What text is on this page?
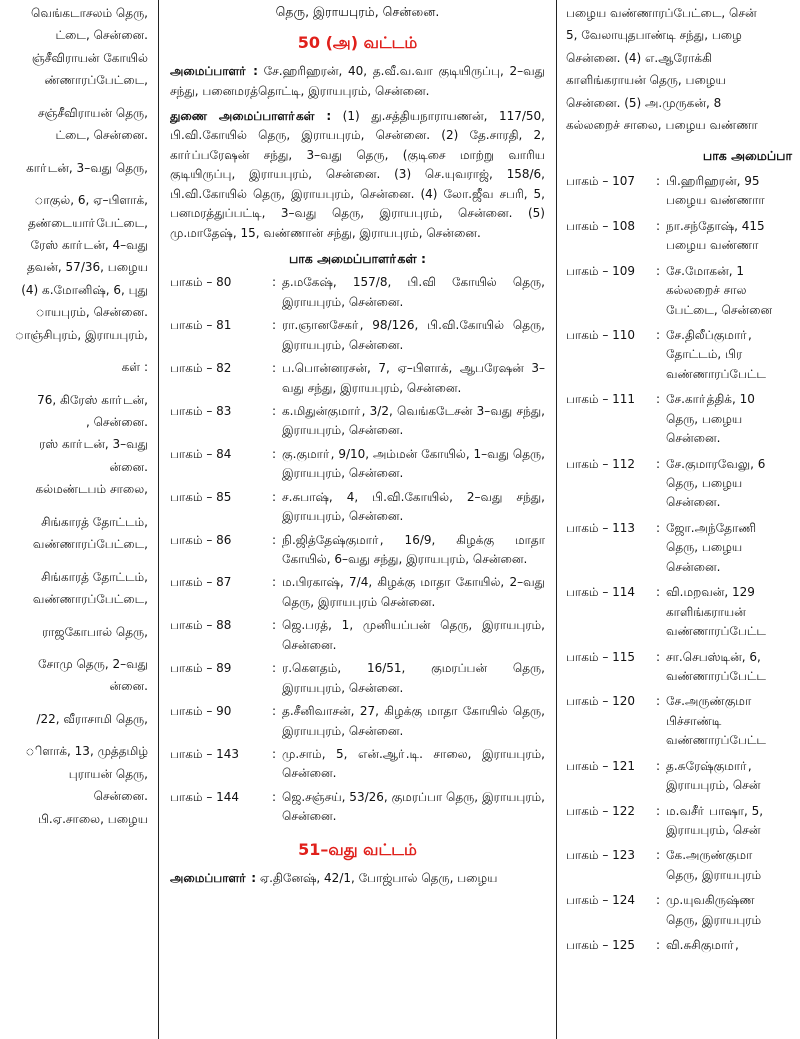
வெங்கடாசலம் தெரு,
ட்டை, சென்னை.
ஞ்சீவிராயன் கோயில்
ண்ணாரப்பேட்டை,
சஞ்சீவிராயன் தெரு,
ட்டை, சென்னை.
காா்டன், 3–வது தெரு,
ாகுல், 6, ஏ–பிளாக்,
தண்டையாா்பேட்டை,
ரேஸ் காா்டன், 4–வது
தவன், 57/36, பழைய
(4) க.மோனிஷ், 6, புது
ாயபுரம், சென்னை.
ாஞ்சிபுரம், இராயபுரம்,
கள் :
76, கிரேஸ் காா்டன்,
, சென்னை.
ரஸ் காா்டன், 3–வது
ன்னை.
கல்மண்டபம் சாலை,
சிங்காரத் தோட்டம்,
வண்ணாரப்பேட்டை,
சிங்காரத் தோட்டம்,
வண்ணாரப்பேட்டை,
ராஜகோபால் தெரு,
சோமு தெரு, 2–வது
ன்னை.
/22, வீராசாமி தெரு,
ிளாக், 13, முத்தமிழ்
புராயன் தெரு,
சென்னை.
பி.ஏ.சாலை, பழைய
தெரு, இராயபுரம், சென்னை.
50 (அ) வட்டம்

அமைப்பாளா் : சே.ஹரிஹரன், 40, த.வீ.வ.வா குடியிருப்பு, 2–வது சந்து, பனைமரத்தொட்டி, இராயபுரம், சென்னை.

துணை அமைப்பாளா்கள் : (1) து.சத்தியநாராயணன், 117/50, பி.வி.கோயில் தெரு, இராயபுரம், சென்னை. (2) தே.சாரதி, 2, காா்ப்பரேஷன் சந்து, 3–வது தெரு, (குடிசை மாற்று வாரிய குடியிருப்பு, இராயபுரம், சென்னை. (3) செ.யுவராஜ், 158/6, பி.வி.கோயில் தெரு, இராயபுரம், சென்னை. (4) லோ.ஜீவ சபரி, 5, பனமரத்துப்பட்டி, 3–வது தெரு, இராயபுரம், சென்னை. (5) மு.மாதேஷ், 15, வண்ணான் சந்து, இராயபுரம், சென்னை.

பாக அமைப்பாளா்கள் :
பாகம் – 80	: த.மகேஷ், 157/8, பி.வி கோயில் தெரு, இராயபுரம், சென்னை.
பாகம் – 81	: ரா.ஞானசேகா், 98/126, பி.வி.கோயில் தெரு, இராயபுரம், சென்னை.
பாகம் – 82	: ப.பொன்னரசன், 7, ஏ–பிளாக், ஆபரேஷன் 3–வது சந்து, இராயபுரம், சென்னை.
பாகம் – 83	: க.மிதுன்குமாா், 3/2, வெங்கடேசன் 3–வது சந்து, இராயபுரம், சென்னை.
பாகம் – 84	: கு.குமாா், 9/10, அம்மன் கோயில், 1–வது தெரு, இராயபுரம், சென்னை.
பாகம் – 85	: ச.சுபாஷ், 4, பி.வி.கோயில், 2–வது சந்து, இராயபுரம், சென்னை.
பாகம் – 86	: நி.ஜித்தேஷ்குமாா், 16/9, கிழக்கு மாதா கோயில், 6–வது சந்து, இராயபுரம், சென்னை.
பாகம் – 87	: ம.பிரகாஷ், 7/4, கிழக்கு மாதா கோயில், 2–வது தெரு, இராயபுரம் சென்னை.
பாகம் – 88	: ஜெ.பரத், 1, முனியப்பன் தெரு, இராயபுரம், சென்னை.
பாகம் – 89	: ர.கௌதம், 16/51, குமரப்பன் தெரு, இராயபுரம், சென்னை.
பாகம் – 90	: த.சீனிவாசன், 27, கிழக்கு மாதா கோயில் தெரு, இராயபுரம், சென்னை.
பாகம் – 143	: மு.சாம், 5, என்.ஆா்.டி. சாலை, இராயபுரம், சென்னை.
பாகம் – 144	: ஜெ.சஞ்சய், 53/26, குமரப்பா தெரு, இராயபுரம், சென்னை.
51–வது வட்டம்

அமைப்பாளா் : ஏ.தினேஷ், 42/1, போஜ்பால் தெரு, பழைய

பழைய வண்ணாரப்பேட்டை, சென்
5, வேலாயுதபாண்டி சந்து, பழை
சென்னை. (4) எ.ஆரோக்கி
காளிங்கராயன் தெரு, பழைய
சென்னை. (5) அ.முருகன், 8
கல்லறைச் சாலை, பழைய வண்ணா
பாக அமைப்பா
பாகம் – 107	: பி.ஹரிஹரன், 95
பழைய வண்ணாா
பாகம் – 108	: நா.சந்தோஷ், 415
பழைய வண்ணா
பாகம் – 109	: சே.மோகன், 1
கல்லறைச் சால
பேட்டை, சென்னை
பாகம் – 110	: சே.திலீப்குமாா்,
தோட்டம், பிர
வண்ணாரப்பேட்ட
பாகம் – 111	: சே.காா்த்திக், 10
தெரு, பழைய
சென்னை.
பாகம் – 112	: சே.குமாரவேலு, 6
தெரு, பழைய
சென்னை.
பாகம் – 113	: ஜோ.அந்தோணி
தெரு, பழைய
சென்னை.
பாகம் – 114	: வி.மறவன், 129
காளிங்கராயன்
வண்ணாரப்பேட்ட
பாகம் – 115	: சா.செபஸ்டின், 6,
வண்ணாரப்பேட்ட
பாகம் – 120	: சே.அருண்குமா
பிச்சாண்டி
வண்ணாரப்பேட்ட
பாகம் – 121	: த.சுரேஷ்குமாா்,
இராயபுரம், சென்
பாகம் – 122	: ம.வசீா் பாஷா, 5,
இராயபுரம், சென்
பாகம் – 123	: கே.அருண்குமா
தெரு, இராயபுரம்
பாகம் – 124	: மு.யுவகிருஷ்ண
தெரு, இராயபுரம்
பாகம் – 125	: வி.சுசிகுமாா்,
